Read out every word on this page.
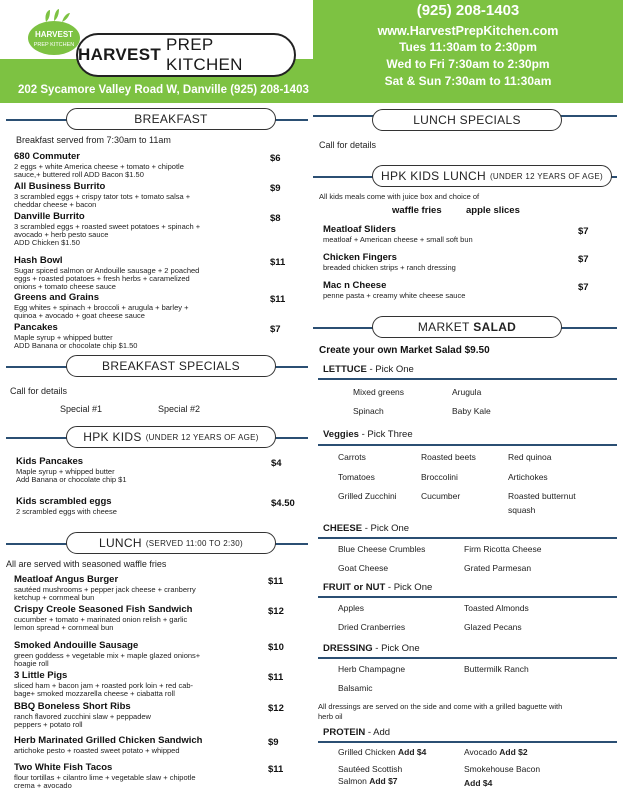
HARVEST
PREP KITCHEN HARVEST
PREP KITCHEN
202 Sycamore Valley Road W, Danville (925) 208-1403
(925) 208-1403
www.HarvestPrepKitchen.com
Tues 11:30am to 2:30pm
Wed to Fri 7:30am to 2:30pm
Sat & Sun 7:30am to 11:30am
BREAKFAST
Breakfast served from 7:30am to 11am
680 Commuter	$6
2 eggs + white America cheese + tomato + chipotle
sauce,+ buttered roll ADD Bacon $1.50
All Business Burrito	$9
3 scrambled eggs + crispy tator tots + tomato salsa +
cheddar cheese + bacon
Danville Burrito	$8
3 scrambled eggs + roasted sweet potatoes + spinach +
avocado + herb pesto sauce
ADD Chicken $1.50
Hash Bowl	$11
Sugar spiced salmon or Andouille sausage + 2 poached
eggs + roasted potatoes + fresh herbs + caramelized
onions + tomato cheese sauce
Greens and Grains	$11
Egg whites + spinach + broccoli + arugula + barley +
quinoa + avocado + goat cheese sauce
Pancakes	$7
Maple syrup + whipped butter
ADD Banana or chocolate chip $1.50
BREAKFAST SPECIALS
Call for details
Special #1	Special #2
HPK KIDS (UNDER 12 YEARS OF AGE)
Kids Pancakes	$4
Maple syrup + whipped butter
Add Banana or chocolate chip $1
Kids scrambled eggs	$4.50
2 scrambled eggs with cheese
LUNCH (SERVED 11:00 TO 2:30)
All are served with seasoned waffle fries
Meatloaf Angus Burger	$11
sautéed mushrooms + pepper jack cheese + cranberry
ketchup + cornmeal bun
Crispy Creole Seasoned Fish Sandwich	$12
cucumber + tomato + marinated onion relish + garlic
lemon spread + cornmeal bun
Smoked Andouille Sausage	$10
green goddess + vegetable mix + maple glazed onions+
hoagie roll
3 Little Pigs	$11
sliced ham + bacon jam + roasted pork loin + red cab-
bage+ smoked mozzarella cheese + ciabatta roll
BBQ Boneless Short Ribs	$12
ranch flavored zucchini slaw + peppadew
peppers + potato roll
Herb Marinated Grilled Chicken Sandwich	$9
artichoke pesto + roasted sweet potato + whipped
Two White Fish Tacos	$11
flour tortillas + cilantro lime + vegetable slaw + chipotle
crema + avocado
LUNCH SPECIALS
Call for details
HPK KIDS LUNCH (UNDER 12 YEARS OF AGE)
All kids meals come with juice box and choice of
waffle fries	apple slices
Meatloaf Sliders	$7
meatloaf + American cheese + small soft bun
Chicken Fingers	$7
breaded chicken strips + ranch dressing
Mac n Cheese	$7
penne pasta + creamy white cheese sauce
MARKET
SALAD
Create your own Market Salad $9.50
LETTUCE - Pick One
Mixed greens	Arugula
Spinach	Baby Kale
Veggies - Pick Three
Carrots	Roasted beets	Red quinoa
Tomatoes	Broccolini	Artichokes
Grilled Zucchini	Cucumber	Roasted butternut
squash
CHEESE - Pick One
Blue Cheese Crumbles	Firm Ricotta Cheese
Goat Cheese	Grated Parmesan
FRUIT or NUT - Pick One
Apples	Toasted Almonds
Dried Cranberries	Glazed Pecans
DRESSING - Pick One
Herb Champagne	Buttermilk Ranch
Balsamic
All dressings are served on the side and come with a grilled baguette with
herb oil
PROTEIN - Add
Grilled Chicken Add $4	Avocado Add $2
Sautéed Scottish	Smokehouse Bacon
Salmon Add $7	Add $4
